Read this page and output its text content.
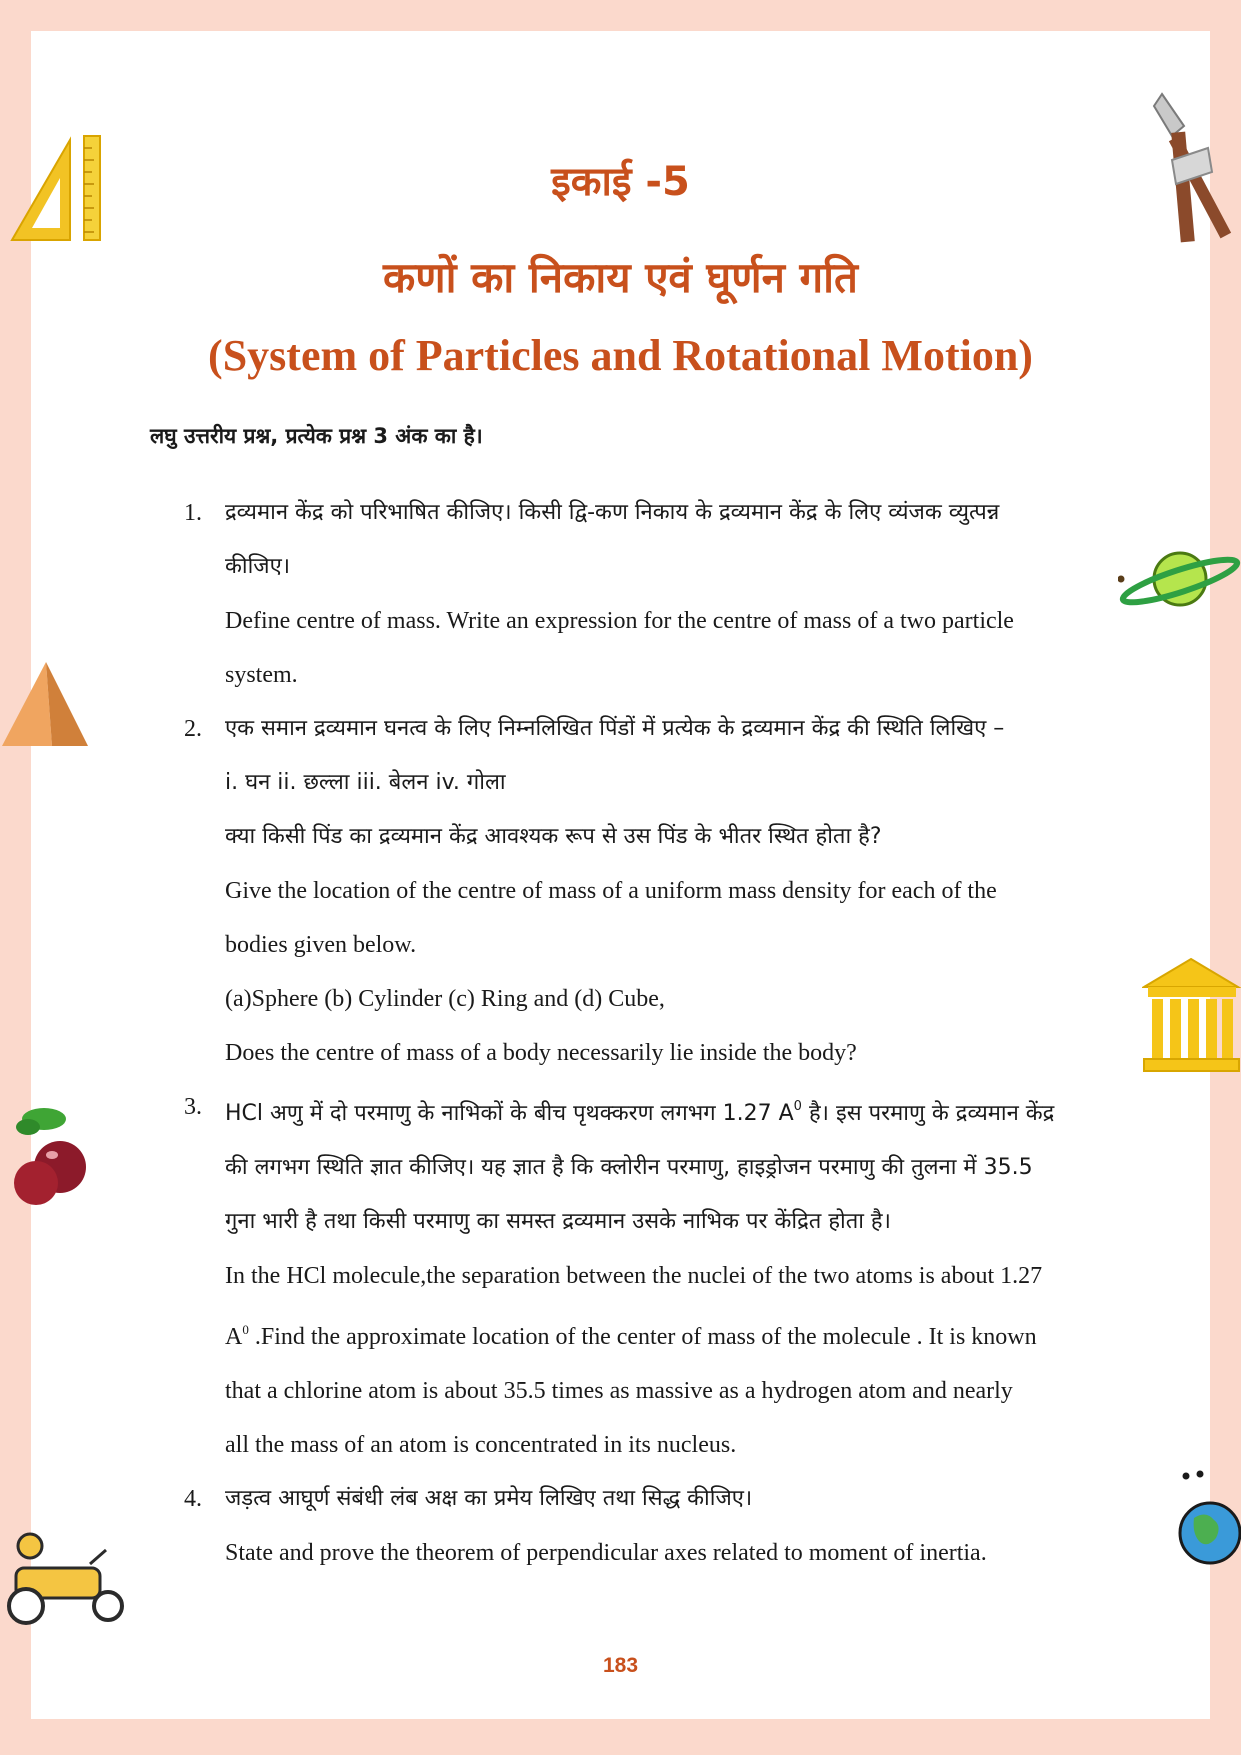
इकाई -5
कणों का निकाय एवं घूर्णन गति
(System of Particles and Rotational Motion)
लघु उत्तरीय प्रश्न, प्रत्येक प्रश्न 3 अंक का है।
1.	द्रव्यमान केंद्र को परिभाषित कीजिए। किसी द्वि-कण निकाय के द्रव्यमान केंद्र के लिए व्यंजक व्युत्पन्न
कीजिए।
Define centre of mass. Write an expression for the centre of mass of a two particle
system.
2.	एक समान द्रव्यमान घनत्व के लिए निम्नलिखित पिंडों में प्रत्येक के द्रव्यमान केंद्र की स्थिति लिखिए –
i. घन ii. छल्ला iii. बेलन iv. गोला
क्या किसी पिंड का द्रव्यमान केंद्र आवश्यक रूप से उस पिंड के भीतर स्थित होता है?
Give the location of the centre of mass of a uniform mass density for each of the
bodies given below.
(a)Sphere (b) Cylinder (c) Ring and (d) Cube,
Does the centre of mass of a body necessarily lie inside the body?
3.	HCl अणु में दो परमाणु के नाभिकों के बीच पृथक्करण लगभग 1.27 $A^0$ है। इस परमाणु के द्रव्यमान केंद्र
की लगभग स्थिति ज्ञात कीजिए। यह ज्ञात है कि क्लोरीन परमाणु, हाइड्रोजन परमाणु की तुलना में 35.5
गुना भारी है तथा किसी परमाणु का समस्त द्रव्यमान उसके नाभिक पर केंद्रित होता है।
In the HCl molecule,the separation between the nuclei of the two atoms is about 1.27
$A^0$ .Find the approximate location of the center of mass of the molecule . It is known
that a chlorine atom is about 35.5 times as massive as a hydrogen atom and nearly
all the mass of an atom is concentrated in its nucleus.
4.	जड़त्व आघूर्ण संबंधी लंब अक्ष का प्रमेय लिखिए तथा सिद्ध कीजिए।
State and prove the theorem of perpendicular axes related to moment of inertia.
183
